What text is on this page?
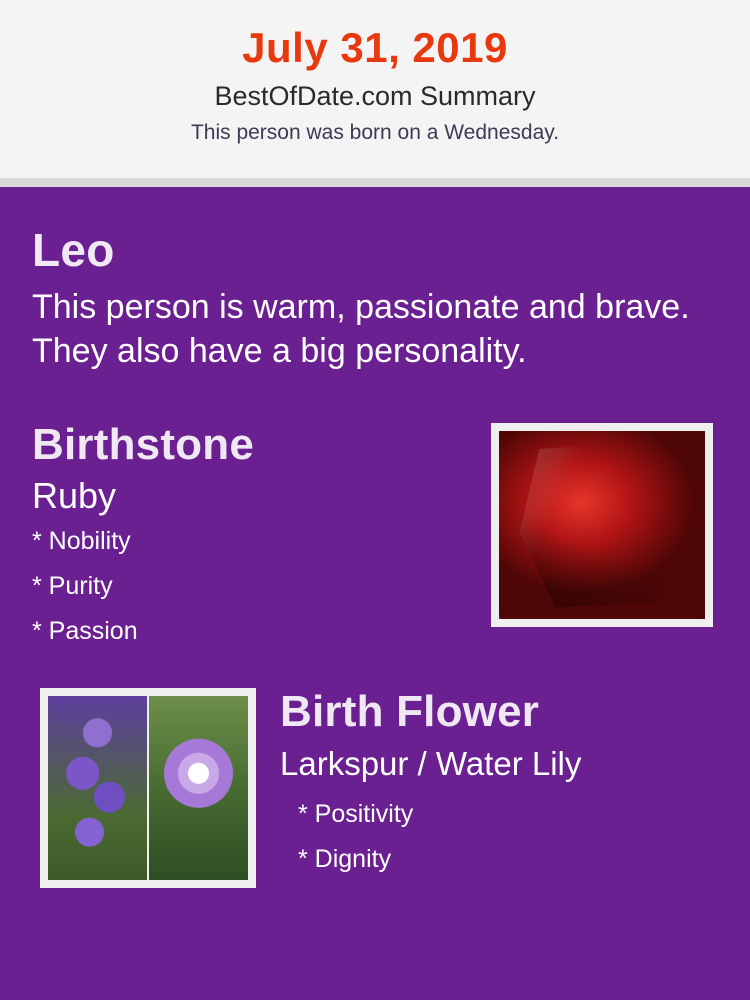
July 31, 2019
BestOfDate.com Summary
This person was born on a Wednesday.
Leo
This person is warm, passionate and brave. They also have a big personality.
Birthstone
Ruby
* Nobility
* Purity
* Passion
Birth Flower
Larkspur / Water Lily
* Positivity
* Dignity
